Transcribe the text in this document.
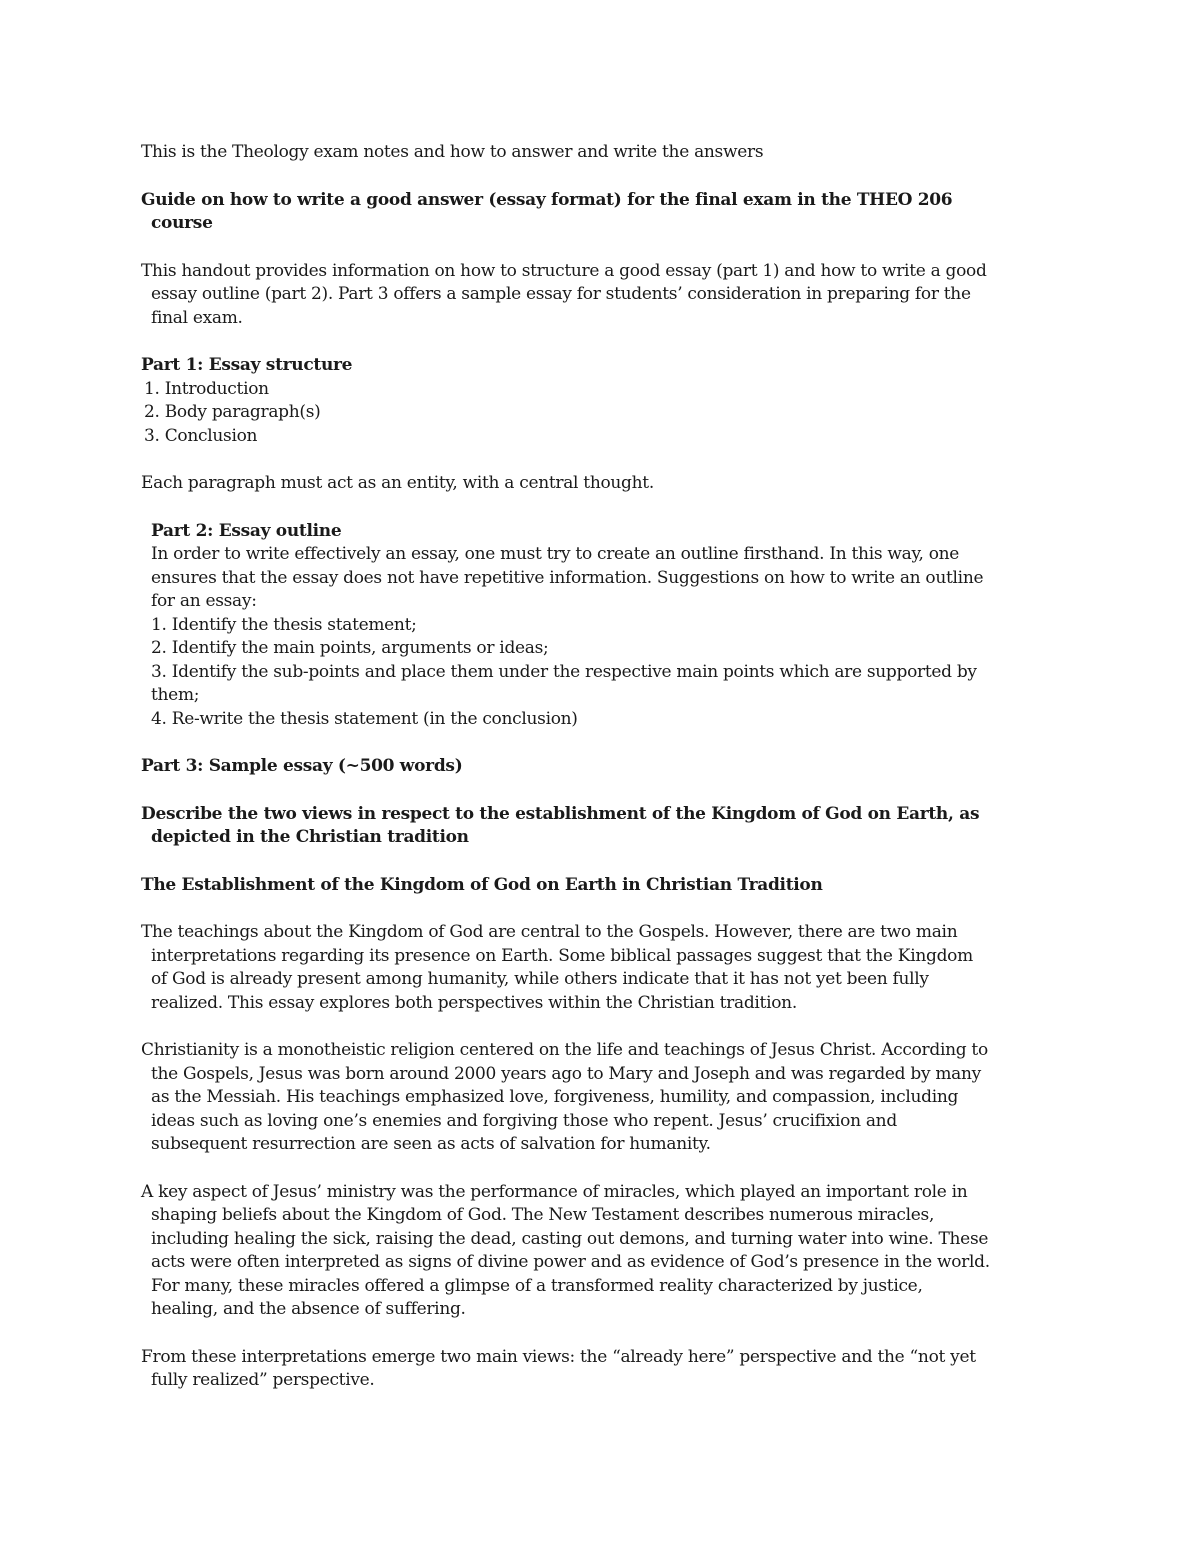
This is the Theology exam notes and how to answer and write the answers

Guide on how to write a good answer (essay format) for the final exam in the THEO 206 course

This handout provides information on how to structure a good essay (part 1) and how to write a good essay outline (part 2). Part 3 offers a sample essay for students’ consideration in preparing for the final exam.

Part 1: Essay structure

1. Introduction
2. Body paragraph(s)
3. Conclusion

Each paragraph must act as an entity, with a central thought.

Part 2: Essay outline

In order to write effectively an essay, one must try to create an outline firsthand. In this way, one ensures that the essay does not have repetitive information. Suggestions on how to write an outline for an essay:

1. Identify the thesis statement;
2. Identify the main points, arguments or ideas;
3. Identify the sub-points and place them under the respective main points which are supported by them;
4. Re-write the thesis statement (in the conclusion)

Part 3: Sample essay (~500 words)

Describe the two views in respect to the establishment of the Kingdom of God on Earth, as depicted in the Christian tradition

The Establishment of the Kingdom of God on Earth in Christian Tradition

The teachings about the Kingdom of God are central to the Gospels. However, there are two main interpretations regarding its presence on Earth. Some biblical passages suggest that the Kingdom of God is already present among humanity, while others indicate that it has not yet been fully realized. This essay explores both perspectives within the Christian tradition.

Christianity is a monotheistic religion centered on the life and teachings of Jesus Christ. According to the Gospels, Jesus was born around 2000 years ago to Mary and Joseph and was regarded by many as the Messiah. His teachings emphasized love, forgiveness, humility, and compassion, including ideas such as loving one’s enemies and forgiving those who repent. Jesus’ crucifixion and subsequent resurrection are seen as acts of salvation for humanity.

A key aspect of Jesus’ ministry was the performance of miracles, which played an important role in shaping beliefs about the Kingdom of God. The New Testament describes numerous miracles, including healing the sick, raising the dead, casting out demons, and turning water into wine. These acts were often interpreted as signs of divine power and as evidence of God’s presence in the world. For many, these miracles offered a glimpse of a transformed reality characterized by justice, healing, and the absence of suffering.

From these interpretations emerge two main views: the “already here” perspective and the “not yet fully realized” perspective.
